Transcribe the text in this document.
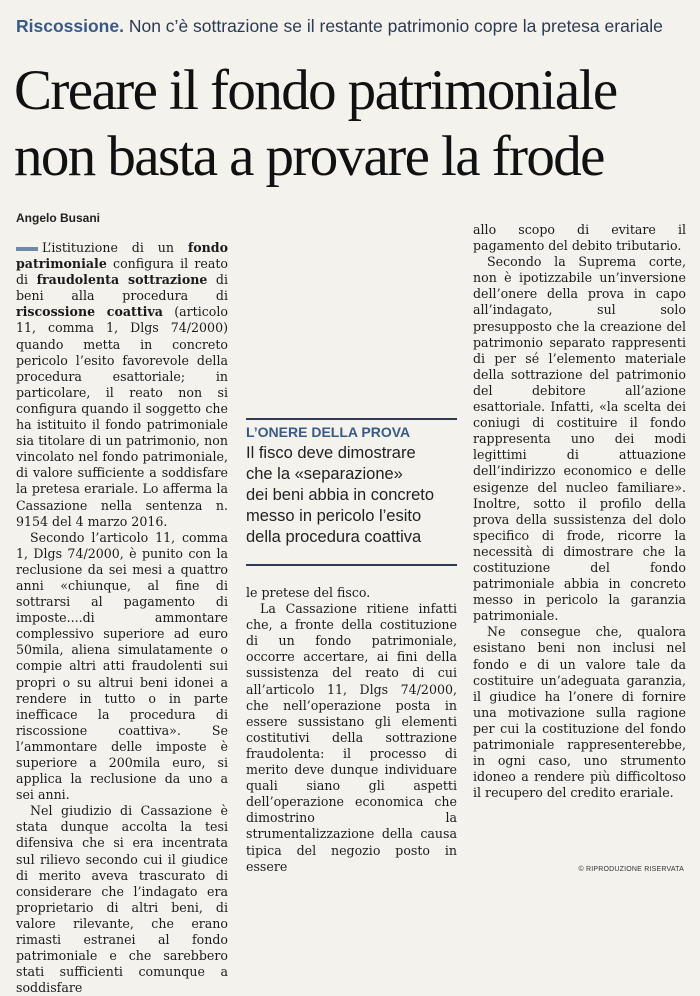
Riscossione. Non c’è sottrazione se il restante patrimonio copre la pretesa erariale
Creare il fondo patrimoniale
non basta a provare la frode
Angelo Busani

L’istituzione di un fondo patrimoniale configura il reato di fraudolenta sottrazione di beni alla procedura di riscossione coattiva (articolo 11, comma 1, Dlgs 74/2000) quando metta in concreto pericolo l’esito favorevole della procedura esattoriale; in particolare, il reato non si configura quando il soggetto che ha istituito il fondo patrimoniale sia titolare di un patrimonio, non vincolato nel fondo patrimoniale, di valore sufficiente a soddisfare la pretesa erariale. Lo afferma la Cassazione nella sentenza n. 9154 del 4 marzo 2016.

Secondo l’articolo 11, comma 1, Dlgs 74/2000, è punito con la reclusione da sei mesi a quattro anni «chiunque, al fine di sottrarsi al pagamento di imposte....di ammontare complessivo superiore ad euro 50mila, aliena simulatamente o compie altri atti fraudolenti sui propri o su altrui beni idonei a rendere in tutto o in parte inefficace la procedura di riscossione coattiva». Se l’ammontare delle imposte è superiore a 200mila euro, si applica la reclusione da uno a sei anni.

Nel giudizio di Cassazione è stata dunque accolta la tesi difensiva che si era incentrata sul rilievo secondo cui il giudice di merito aveva trascurato di considerare che l’indagato era proprietario di altri beni, di valore rilevante, che erano rimasti estranei al fondo patrimoniale e che sarebbero stati sufficienti comunque a soddisfare

L’ONERE DELLA PROVA
Il fisco deve dimostrare
che la «separazione»
dei beni abbia in concreto
messo in pericolo l’esito
della procedura coattiva

le pretese del fisco.

La Cassazione ritiene infatti che, a fronte della costituzione di un fondo patrimoniale, occorre accertare, ai fini della sussistenza del reato di cui all’articolo 11, Dlgs 74/2000, che nell’operazione posta in essere sussistano gli elementi costitutivi della sottrazione fraudolenta: il processo di merito deve dunque individuare quali siano gli aspetti dell’operazione economica che dimostrino la strumentalizzazione della causa tipica del negozio posto in essere

allo scopo di evitare il pagamento del debito tributario.

Secondo la Suprema corte, non è ipotizzabile un’inversione dell’onere della prova in capo all’indagato, sul solo presupposto che la creazione del patrimonio separato rappresenti di per sé l’elemento materiale della sottrazione del patrimonio del debitore all’azione esattoriale. Infatti, «la scelta dei coniugi di costituire il fondo rappresenta uno dei modi legittimi di attuazione dell’indirizzo economico e delle esigenze del nucleo familiare». Inoltre, sotto il profilo della prova della sussistenza del dolo specifico di frode, ricorre la necessità di dimostrare che la costituzione del fondo patrimoniale abbia in concreto messo in pericolo la garanzia patrimoniale.

Ne consegue che, qualora esistano beni non inclusi nel fondo e di un valore tale da costituire un’adeguata garanzia, il giudice ha l’onere di fornire una motivazione sulla ragione per cui la costituzione del fondo patrimoniale rappresenterebbe, in ogni caso, uno strumento idoneo a rendere più difficoltoso il recupero del credito erariale.

© RIPRODUZIONE RISERVATA
